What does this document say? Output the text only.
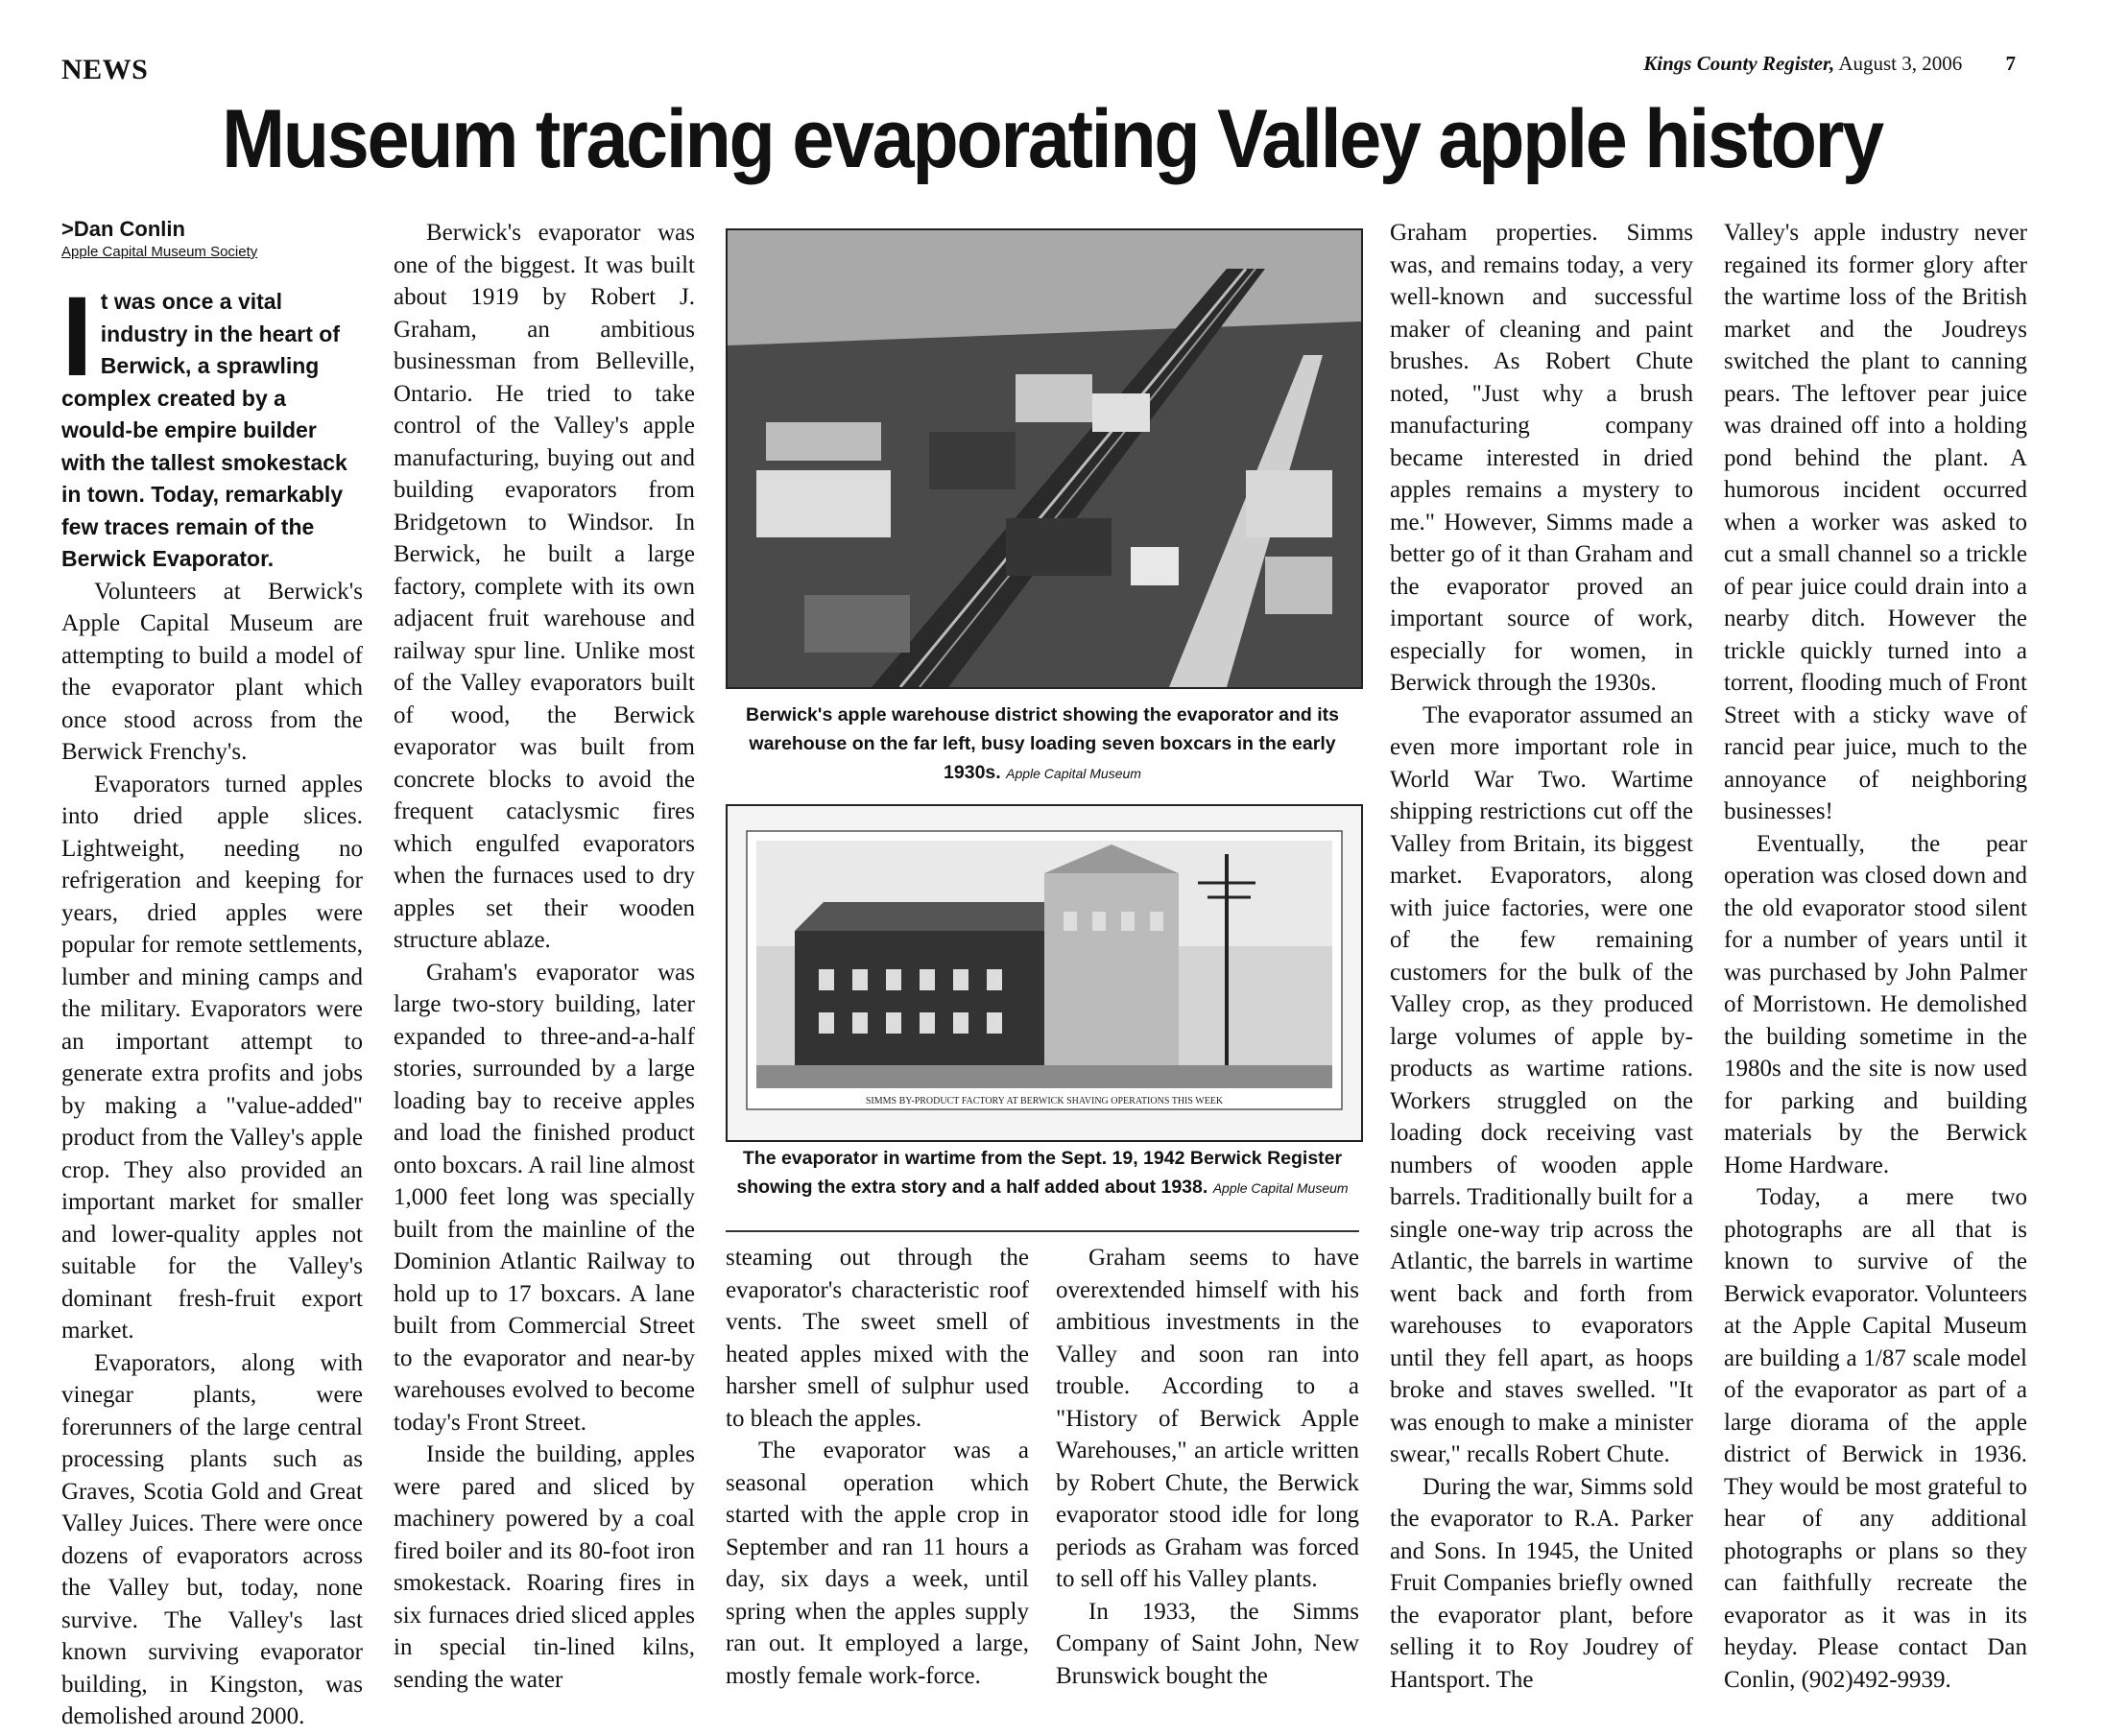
NEWS	Kings County Register, August 3, 2006 7
Museum tracing evaporating Valley apple history
>Dan Conlin
Apple Capital Museum Society
I t was once a vital industry in the heart of Berwick, a sprawling complex created by a would-be empire builder with the tallest smokestack in town. Today, remarkably few traces remain of the Berwick Evaporator.

Volunteers at Berwick's Apple Capital Museum are attempting to build a model of the evaporator plant which once stood across from the Berwick Frenchy's.

Evaporators turned apples into dried apple slices. Lightweight, needing no refrigeration and keeping for years, dried apples were popular for remote settlements, lumber and mining camps and the military. Evaporators were an important attempt to generate extra profits and jobs by making a "value-added" product from the Valley's apple crop. They also provided an important market for smaller and lower-quality apples not suitable for the Valley's dominant fresh-fruit export market.

Evaporators, along with vinegar plants, were forerunners of the large central processing plants such as Graves, Scotia Gold and Great Valley Juices. There were once dozens of evaporators across the Valley but, today, none survive. The Valley's last known surviving evaporator building, in Kingston, was demolished around 2000.

Berwick's evaporator was one of the biggest. It was built about 1919 by Robert J. Graham, an ambitious businessman from Belleville, Ontario. He tried to take control of the Valley's apple manufacturing, buying out and building evaporators from Bridgetown to Windsor. In Berwick, he built a large factory, complete with its own adjacent fruit warehouse and railway spur line. Unlike most of the Valley evaporators built of wood, the Berwick evaporator was built from concrete blocks to avoid the frequent cataclysmic fires which engulfed evaporators when the furnaces used to dry apples set their wooden structure ablaze.

Graham's evaporator was large two-story building, later expanded to three-and-a-half stories, surrounded by a large loading bay to receive apples and load the finished product onto boxcars. A rail line almost 1,000 feet long was specially built from the mainline of the Dominion Atlantic Railway to hold up to 17 boxcars. A lane built from Commercial Street to the evaporator and near-by warehouses evolved to become today's Front Street.

Inside the building, apples were pared and sliced by machinery powered by a coal fired boiler and its 80-foot iron smokestack. Roaring fires in six furnaces dried sliced apples in special tin-lined kilns, sending the water

Berwick's apple warehouse district showing the evaporator and its warehouse on the far left, busy loading seven boxcars in the early 1930s. Apple Capital Museum
SIMMS BY-PRODUCT FACTORY AT BERWICK SHAVING OPERATIONS THIS WEEK
The evaporator in wartime from the Sept. 19, 1942 Berwick Register showing the extra story and a half added about 1938. Apple Capital Museum

steaming out through the evaporator's characteristic roof vents. The sweet smell of heated apples mixed with the harsher smell of sulphur used to bleach the apples.

The evaporator was a seasonal operation which started with the apple crop in September and ran 11 hours a day, six days a week, until spring when the apples supply ran out. It employed a large, mostly female work-force.

Graham seems to have overextended himself with his ambitious investments in the Valley and soon ran into trouble. According to a "History of Berwick Apple Warehouses," an article written by Robert Chute, the Berwick evaporator stood idle for long periods as Graham was forced to sell off his Valley plants.

In 1933, the Simms Company of Saint John, New Brunswick bought the

Graham properties. Simms was, and remains today, a very well-known and successful maker of cleaning and paint brushes. As Robert Chute noted, "Just why a brush manufacturing company became interested in dried apples remains a mystery to me." However, Simms made a better go of it than Graham and the evaporator proved an important source of work, especially for women, in Berwick through the 1930s.

The evaporator assumed an even more important role in World War Two. Wartime shipping restrictions cut off the Valley from Britain, its biggest market. Evaporators, along with juice factories, were one of the few remaining customers for the bulk of the Valley crop, as they produced large volumes of apple by-products as wartime rations. Workers struggled on the loading dock receiving vast numbers of wooden apple barrels. Traditionally built for a single one-way trip across the Atlantic, the barrels in wartime went back and forth from warehouses to evaporators until they fell apart, as hoops broke and staves swelled. "It was enough to make a minister swear," recalls Robert Chute.

During the war, Simms sold the evaporator to R.A. Parker and Sons. In 1945, the United Fruit Companies briefly owned the evaporator plant, before selling it to Roy Joudrey of Hantsport. The

Valley's apple industry never regained its former glory after the wartime loss of the British market and the Joudreys switched the plant to canning pears. The leftover pear juice was drained off into a holding pond behind the plant. A humorous incident occurred when a worker was asked to cut a small channel so a trickle of pear juice could drain into a nearby ditch. However the trickle quickly turned into a torrent, flooding much of Front Street with a sticky wave of rancid pear juice, much to the annoyance of neighboring businesses!

Eventually, the pear operation was closed down and the old evaporator stood silent for a number of years until it was purchased by John Palmer of Morristown. He demolished the building sometime in the 1980s and the site is now used for parking and building materials by the Berwick Home Hardware.

Today, a mere two photographs are all that is known to survive of the Berwick evaporator. Volunteers at the Apple Capital Museum are building a 1/87 scale model of the evaporator as part of a large diorama of the apple district of Berwick in 1936. They would be most grateful to hear of any additional photographs or plans so they can faithfully recreate the evaporator as it was in its heyday. Please contact Dan Conlin, (902)492-9939.
